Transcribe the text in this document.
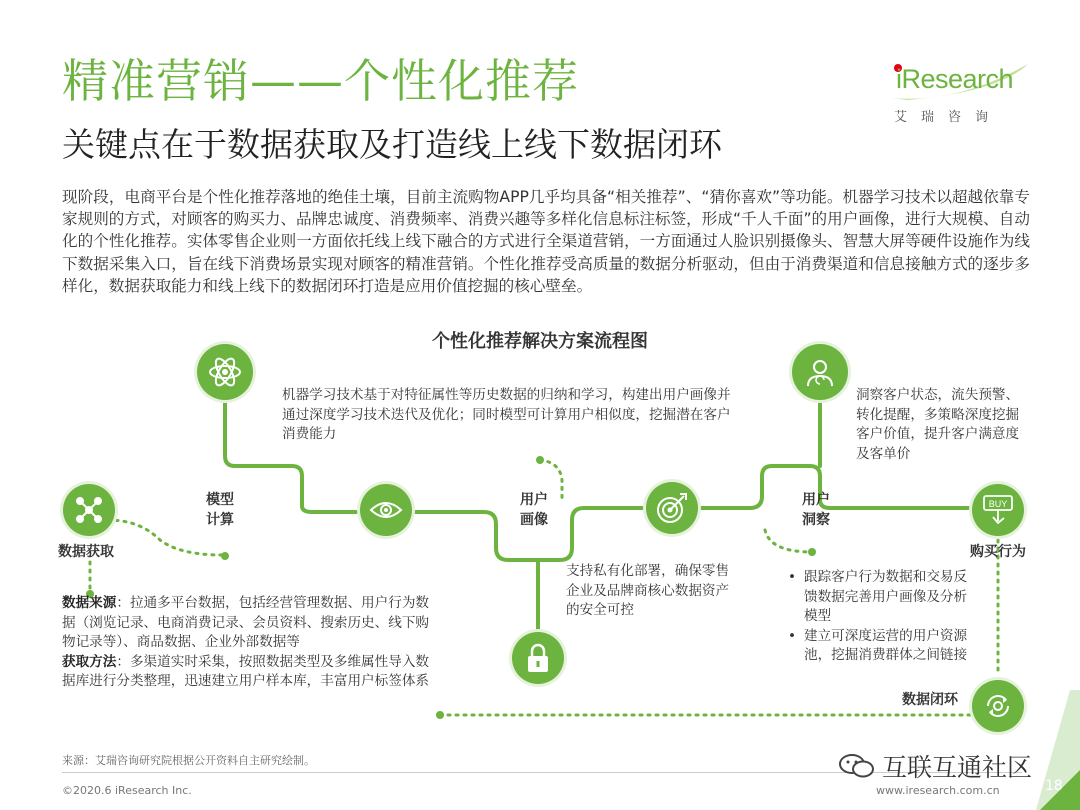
精准营销——个性化推荐
关键点在于数据获取及打造线上线下数据闭环
iResearch
艾瑞咨询

现阶段，电商平台是个性化推荐落地的绝佳土壤，目前主流购物APP几乎均具备“相关推荐”、“猜你喜欢”等功能。机器学习技术以超越依靠专家规则的方式，对顾客的购买力、品牌忠诚度、消费频率、消费兴趣等多样化信息标注标签，形成“千人千面”的用户画像，进行大规模、自动化的个性化推荐。实体零售企业则一方面依托线上线下融合的方式进行全渠道营销，一方面通过人脸识别摄像头、智慧大屏等硬件设施作为线下数据采集入口，旨在线下消费场景实现对顾客的精准营销。个性化推荐受高质量的数据分析驱动，但由于消费渠道和信息接触方式的逐步多样化，数据获取能力和线上线下的数据闭环打造是应用价值挖掘的核心壁垒。

个性化推荐解决方案流程图
数据获取
模型
计算
用户
画像
用户
洞察
BUY
购买行为
数据闭环

机器学习技术基于对特征属性等历史数据的归纳和学习，构建出用户画像并通过深度学习技术迭代及优化；同时模型可计算用户相似度，挖掘潜在客户消费能力

洞察客户状态，流失预警、转化提醒，多策略深度挖掘客户价值，提升客户满意度及客单价

支持私有化部署，确保零售企业及品牌商核心数据资产的安全可控

• 跟踪客户行为数据和交易反馈数据完善用户画像及分析模型
• 建立可深度运营的用户资源池，挖掘消费群体之间链接

数据来源：拉通多平台数据，包括经营管理数据、用户行为数据（浏览记录、电商消费记录、会员资料、搜索历史、线下购物记录等）、商品数据、企业外部数据等
获取方法：多渠道实时采集，按照数据类型及多维属性导入数据库进行分类整理，迅速建立用户样本库，丰富用户标签体系

来源：艾瑞咨询研究院根据公开资料自主研究绘制。
©2020.6 iResearch Inc.	www.iresearch.com.cn
互联互通社区
18
